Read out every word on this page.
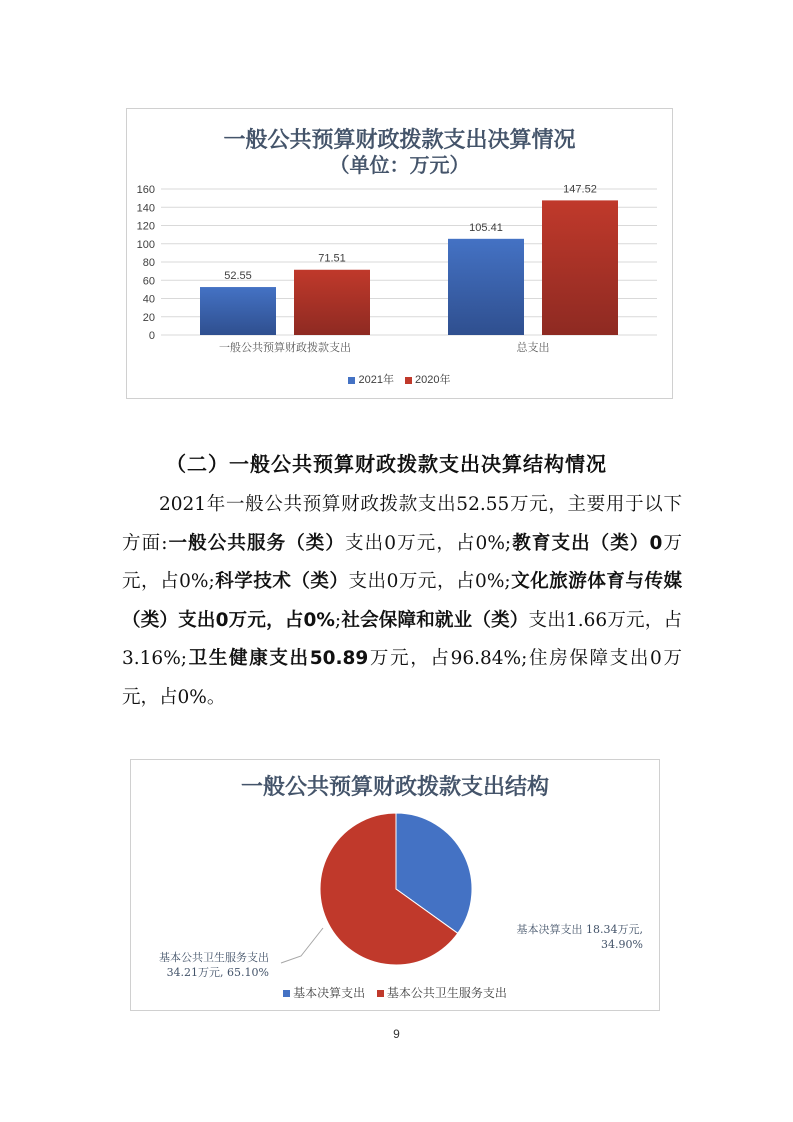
一般公共预算财政拨款支出决算情况
（单位：万元）
0
20
40
60
80
100
120
140
160
52.55
71.51
一般公共预算财政拨款支出
105.41
147.52
总支出
2021年 2020年
（二）一般公共预算财政拨款支出决算结构情况
2021年一般公共预算财政拨款支出52.55万元，主要用于以下方面:一般公共服务（类）支出0万元，占0%;教育支出（类）0万元，占0%;科学技术（类）支出0万元，占0%;文化旅游体育与传媒（类）支出0万元，占0%;社会保障和就业（类）支出1.66万元，占3.16%;卫生健康支出50.89万元，占96.84%;住房保障支出0万元，占0%。
一般公共预算财政拨款支出结构
基本决算支出 18.34万元,
34.90%
基本公共卫生服务支出
34.21万元, 65.10%
基本决算支出 基本公共卫生服务支出
9
